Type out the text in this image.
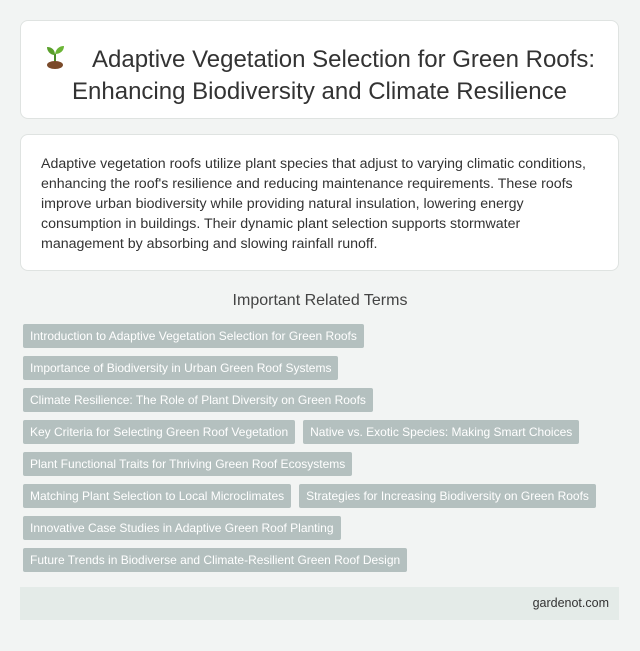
Adaptive Vegetation Selection for Green Roofs:
Enhancing Biodiversity and Climate Resilience

Adaptive vegetation roofs utilize plant species that adjust to varying climatic conditions, enhancing the roof's resilience and reducing maintenance requirements. These roofs improve urban biodiversity while providing natural insulation, lowering energy consumption in buildings. Their dynamic plant selection supports stormwater management by absorbing and slowing rainfall runoff.

Important Related Terms
Introduction to Adaptive Vegetation Selection for Green Roofs
Importance of Biodiversity in Urban Green Roof Systems
Climate Resilience: The Role of Plant Diversity on Green Roofs
Key Criteria for Selecting Green Roof Vegetation	Native vs. Exotic Species: Making Smart Choices
Plant Functional Traits for Thriving Green Roof Ecosystems
Matching Plant Selection to Local Microclimates	Strategies for Increasing Biodiversity on Green Roofs
Innovative Case Studies in Adaptive Green Roof Planting
Future Trends in Biodiverse and Climate-Resilient Green Roof Design
gardenot.com
